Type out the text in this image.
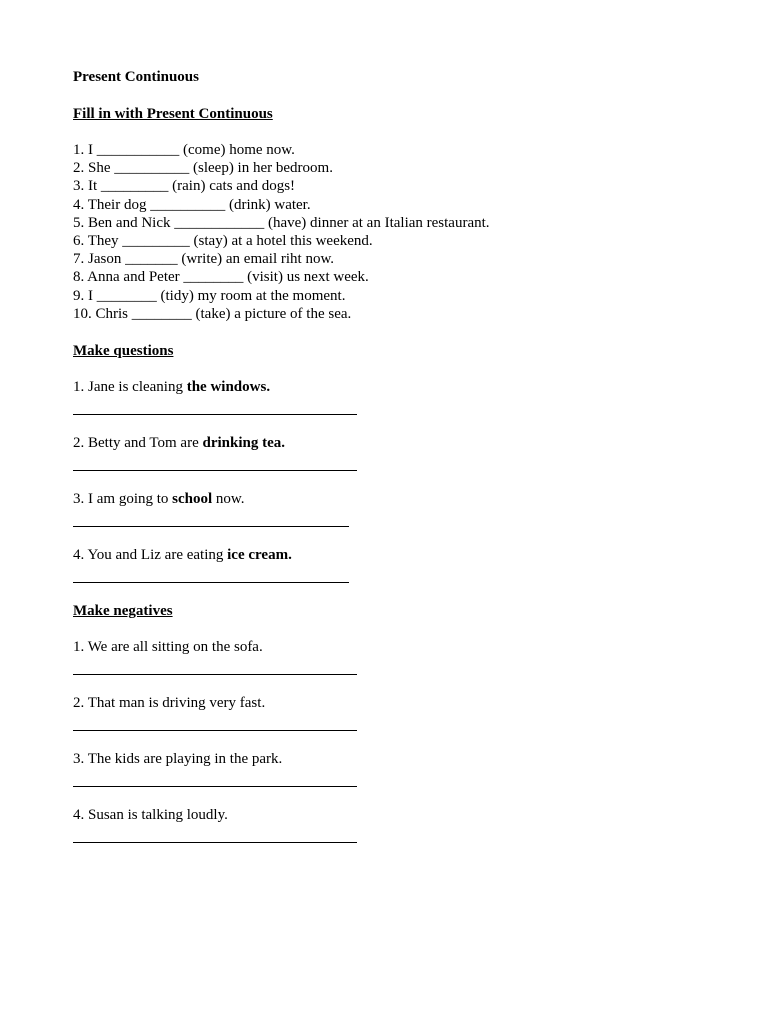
Present Continuous

Fill in with Present Continuous

1. I ___________ (come) home now.

2. She __________ (sleep) in her bedroom.

3. It _________ (rain) cats and dogs!

4. Their dog __________ (drink) water.

5. Ben and Nick ____________ (have) dinner at an Italian restaurant.

6. They _________ (stay) at a hotel this weekend.

7. Jason _______ (write) an email riht now.

8. Anna and Peter ________ (visit) us next week.

9. I ________ (tidy) my room at the moment.

10. Chris ________ (take) a picture of the sea.

Make questions

1. Jane is cleaning the windows.

2. Betty and Tom are drinking tea.

3. I am going to school now.

4. You and Liz are eating ice cream.

Make negatives

1. We are all sitting on the sofa.

2. That man is driving very fast.

3. The kids are playing in the park.

4. Susan is talking loudly.
